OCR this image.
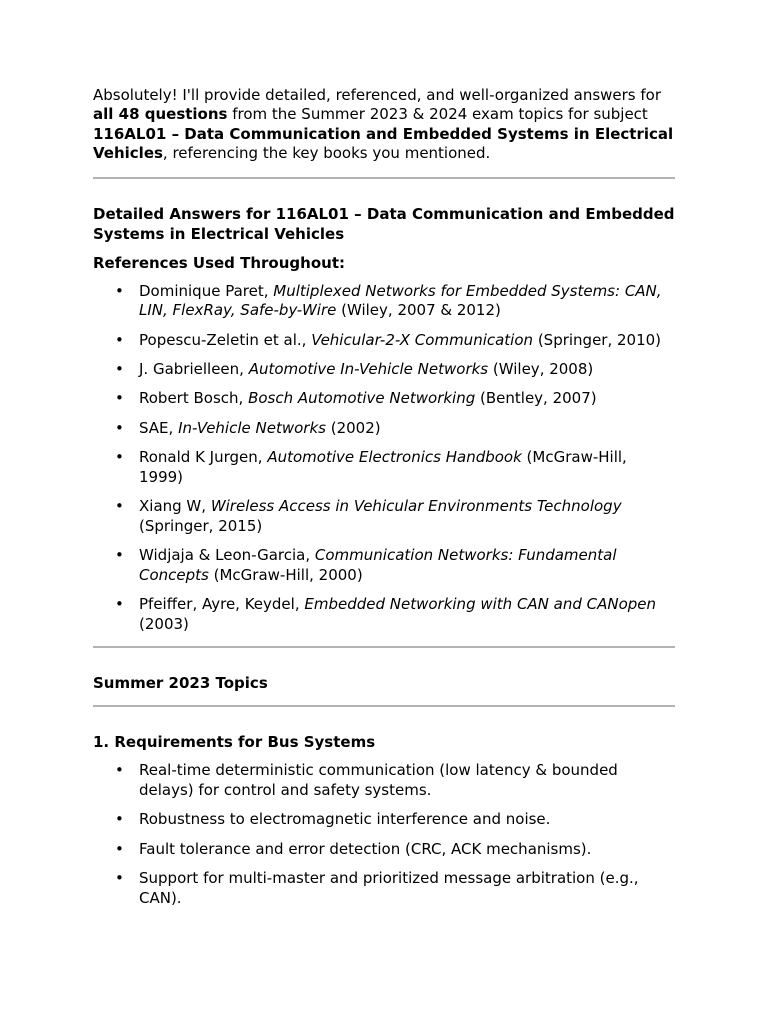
Absolutely! I'll provide detailed, referenced, and well-organized answers for all 48 questions from the Summer 2023 & 2024 exam topics for subject 116AL01 – Data Communication and Embedded Systems in Electrical Vehicles, referencing the key books you mentioned.

Detailed Answers for 116AL01 – Data Communication and Embedded Systems in Electrical Vehicles

References Used Throughout:

• Dominique Paret, Multiplexed Networks for Embedded Systems: CAN, LIN, FlexRay, Safe-by-Wire (Wiley, 2007 & 2012)
• Popescu-Zeletin et al., Vehicular-2-X Communication (Springer, 2010)
• J. Gabrielleen, Automotive In-Vehicle Networks (Wiley, 2008)
• Robert Bosch, Bosch Automotive Networking (Bentley, 2007)
• SAE, In-Vehicle Networks (2002)
• Ronald K Jurgen, Automotive Electronics Handbook (McGraw-Hill, 1999)
• Xiang W, Wireless Access in Vehicular Environments Technology (Springer, 2015)
• Widjaja & Leon-Garcia, Communication Networks: Fundamental Concepts (McGraw-Hill, 2000)
• Pfeiffer, Ayre, Keydel, Embedded Networking with CAN and CANopen (2003)

Summer 2023 Topics

1. Requirements for Bus Systems

• Real-time deterministic communication (low latency & bounded delays) for control and safety systems.
• Robustness to electromagnetic interference and noise.
• Fault tolerance and error detection (CRC, ACK mechanisms).
• Support for multi-master and prioritized message arbitration (e.g., CAN).
